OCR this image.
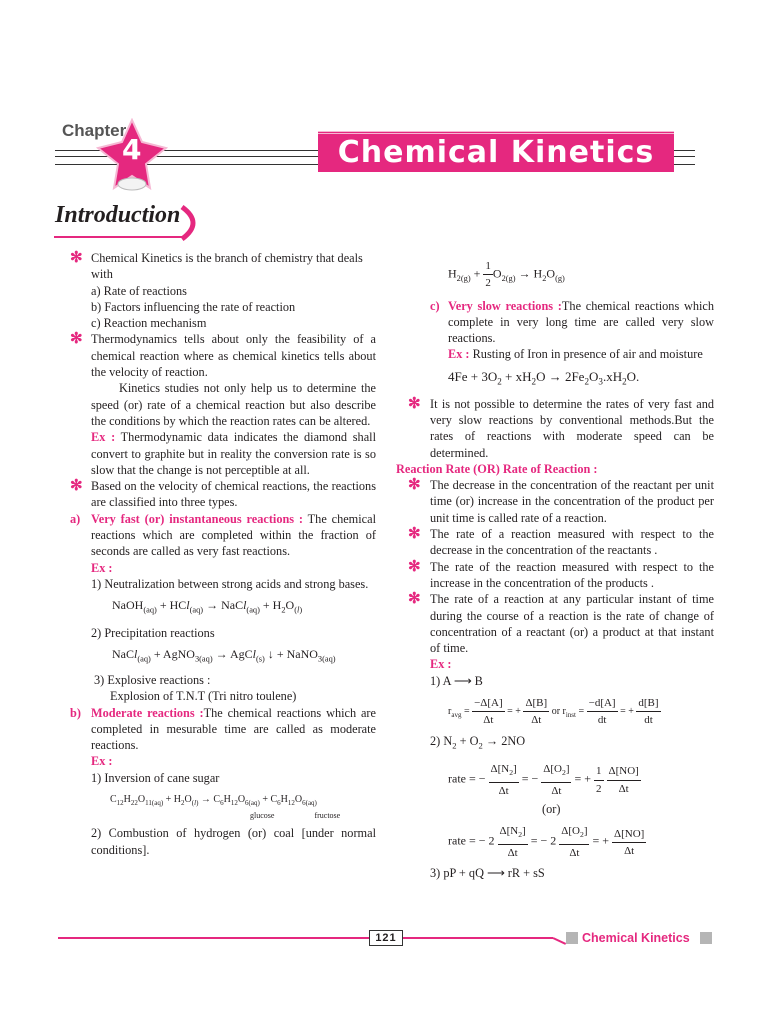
Chapter
4	Chemical Kinetics
Introduction
✻ Chemical Kinetics is the branch of chemistry that deals with

a) Rate of reactions

b) Factors influencing the rate of reaction

c) Reaction mechanism

✻ Thermodynamics tells about only the feasibility of a chemical reaction where as chemical kinetics tells about the velocity of reaction.

Kinetics studies not only help us to determine the speed (or) rate of a chemical reaction but also describe the conditions by which the reaction rates can be altered.

Ex : Thermodynamic data indicates the diamond shall convert to graphite but in reality the conversion rate is so slow that the change is not perceptible at all.

✻ Based on the velocity of chemical reactions, the reactions are classified into three types.

a) Very fast (or) instantaneous reactions : The chemical reactions which are completed within the fraction of seconds are called as very fast reactions.

Ex :

1) Neutralization between strong acids and strong bases.

NaOH$_{(aq)}$ + HCl$_{(aq)}$ → NaCl$_{(aq)}$ + $H_2O_{(l)}$

2) Precipitation reactions

NaCl$_{(aq)}$ + AgNO$_{3(aq)}$ → AgCl$_{(s)}$ ↓ + NaNO$_{3(aq)}$

3) Explosive reactions :

Explosion of T.N.T (Tri nitro toulene)

b) Moderate reactions :The chemical reactions which are completed in mesurable time are called as moderate reactions.

Ex :

1) Inversion of cane sugar

$C_{12}H_{22}O_{11(aq)} + H_2O_{(l)} \to C_6H_{12}O_{6(aq)} + C_6H_{12}O_{6(aq)}$

glucose	fructose

2) Combustion of hydrogen (or) coal [under normal conditions].

$H_{2(g)} + \frac{1}{2} O_{2(g)} \to H_2O_{(g)}$

c) Very slow reactions :The chemical reactions which complete in very long time are called very slow reactions.

Ex : Rusting of Iron in presence of air and moisture

$4Fe + 3O_2 + xH_2O \to 2Fe_2O_3.xH_2O$.

✻ It is not possible to determine the rates of very fast and very slow reactions by conventional methods.But the rates of reactions with moderate speed can be determined.

Reaction Rate (OR) Rate of Reaction :

✻ The decrease in the concentration of the reactant per unit time (or) increase in the concentration of the product per unit time is called rate of a reaction.

✻ The rate of a reaction measured with respect to the decrease in the concentration of the reactants .

✻ The rate of the reaction measured with respect to the increase in the concentration of the products .

✻ The rate of a reaction at any particular instant of time during the course of a reaction is the rate of change of concentration of a reactant (or) a product at that instant of time.

Ex :

1) A ⟶ B

$r_{avg} = \frac{-\Delta[A]}{\Delta t}$ = + $\frac{\Delta[B]}{\Delta t}$ or $r_{inst} = \frac{-d[A]}{dt}$ = + $\frac{d[B]}{dt}$

2) $N_2 + O_2 \to 2NO$

rate = − $\frac{\Delta[N_2]}{\Delta t}$ = − $\frac{\Delta[O_2]}{\Delta t}$ = + $\frac{1}{2}$
$\frac{\Delta[NO]}{\Delta t}$

(or)

rate = − $2 \frac{\Delta[N_2]}{\Delta t}$ = − $2 \frac{\Delta[O_2]}{\Delta t}$ = + $\frac{\Delta[NO]}{\Delta t}$

3) pP + qQ ⟶ rR + sS

121	Chemical Kinetics
